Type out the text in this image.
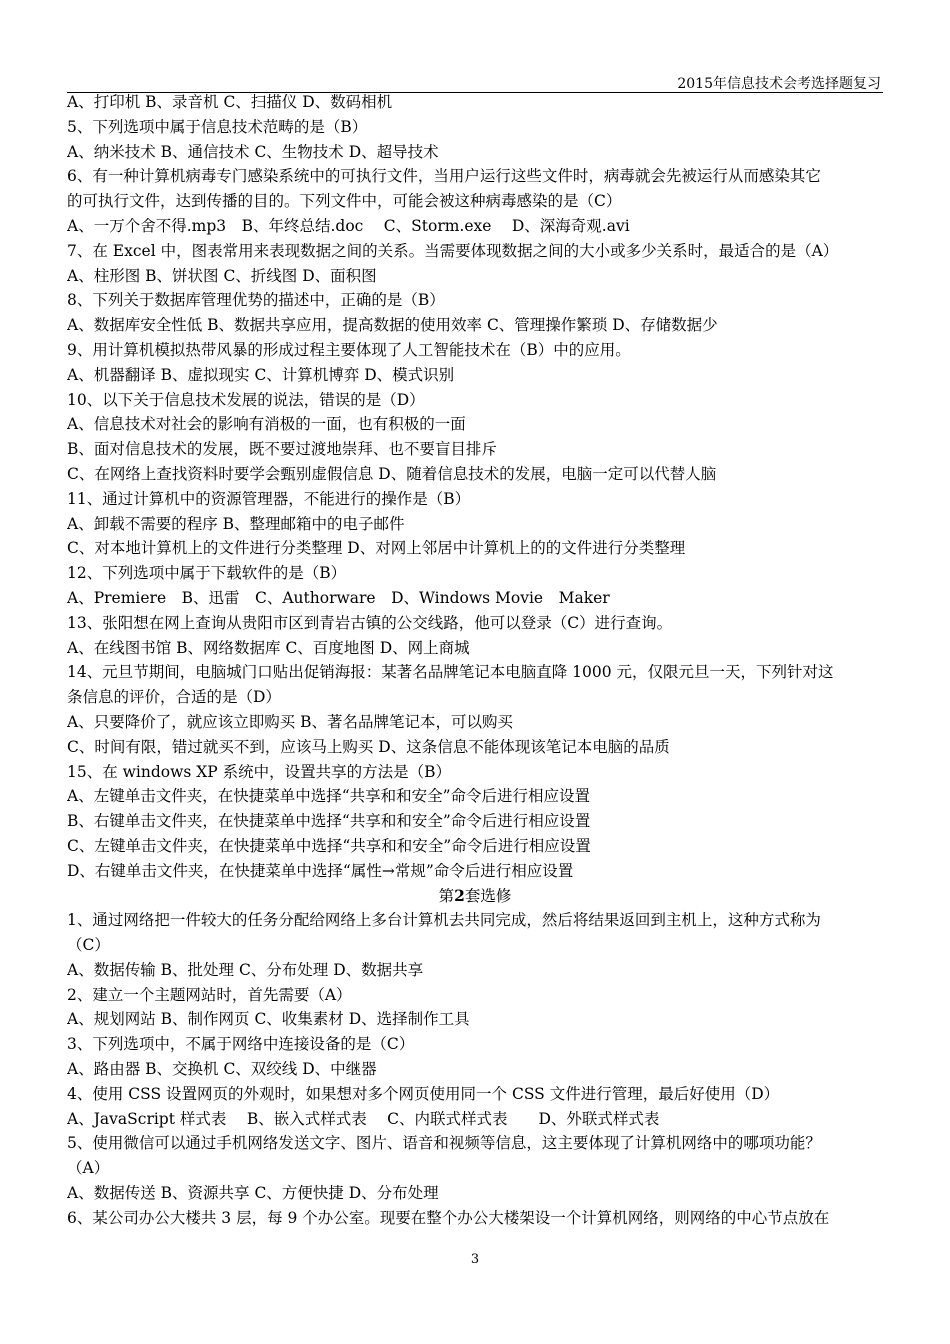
2015年信息技术会考选择题复习
A、打印机 B、录音机 C、扫描仪 D、数码相机
5、下列选项中属于信息技术范畴的是（B）
A、纳米技术 B、通信技术 C、生物技术 D、超导技术
6、有一种计算机病毒专门感染系统中的可执行文件，当用户运行这些文件时，病毒就会先被运行从而感染其它
的可执行文件，达到传播的目的。下列文件中，可能会被这种病毒感染的是（C）
A、一万个舍不得.mp3　B、年终总结.doc　 C、Storm.exe　 D、深海奇观.avi
7、在 Excel 中，图表常用来表现数据之间的关系。当需要体现数据之间的大小或多少关系时，最适合的是（A）
A、柱形图 B、饼状图 C、折线图 D、面积图
8、下列关于数据库管理优势的描述中，正确的是（B）
A、数据库安全性低 B、数据共享应用，提高数据的使用效率 C、管理操作繁琐 D、存储数据少
9、用计算机模拟热带风暴的形成过程主要体现了人工智能技术在（B）中的应用。
A、机器翻译 B、虚拟现实 C、计算机博弈 D、模式识别
10、以下关于信息技术发展的说法，错误的是（D）
A、信息技术对社会的影响有消极的一面，也有积极的一面
B、面对信息技术的发展，既不要过渡地崇拜、也不要盲目排斥
C、在网络上查找资料时要学会甄别虚假信息 D、随着信息技术的发展，电脑一定可以代替人脑
11、通过计算机中的资源管理器，不能进行的操作是（B）
A、卸载不需要的程序 B、整理邮箱中的电子邮件
C、对本地计算机上的文件进行分类整理 D、对网上邻居中计算机上的的文件进行分类整理
12、下列选项中属于下载软件的是（B）
A、Premiere　B、迅雷　C、Authorware　D、Windows Movie　Maker
13、张阳想在网上查询从贵阳市区到青岩古镇的公交线路，他可以登录（C）进行查询。
A、在线图书馆 B、网络数据库 C、百度地图 D、网上商城
14、元旦节期间，电脑城门口贴出促销海报：某著名品牌笔记本电脑直降 1000 元，仅限元旦一天，下列针对这
条信息的评价，合适的是（D）
A、只要降价了，就应该立即购买 B、著名品牌笔记本，可以购买
C、时间有限，错过就买不到，应该马上购买 D、这条信息不能体现该笔记本电脑的品质
15、在 windows XP 系统中，设置共享的方法是（B）
A、左键单击文件夹，在快捷菜单中选择“共享和和安全”命令后进行相应设置
B、右键单击文件夹，在快捷菜单中选择“共享和和安全”命令后进行相应设置
C、左键单击文件夹，在快捷菜单中选择“共享和和安全”命令后进行相应设置
D、右键单击文件夹，在快捷菜单中选择“属性→常规”命令后进行相应设置
第2套选修
1、通过网络把一件较大的任务分配给网络上多台计算机去共同完成，然后将结果返回到主机上，这种方式称为
（C）
A、数据传输 B、批处理 C、分布处理 D、数据共享
2、建立一个主题网站时，首先需要（A）
A、规划网站 B、制作网页 C、收集素材 D、选择制作工具
3、下列选项中，不属于网络中连接设备的是（C）
A、路由器 B、交换机 C、双绞线 D、中继器
4、使用 CSS 设置网页的外观时，如果想对多个网页使用同一个 CSS 文件进行管理，最后好使用（D）
A、JavaScript 样式表　 B、嵌入式样式表　 C、内联式样式表　　D、外联式样式表
5、使用微信可以通过手机网络发送文字、图片、语音和视频等信息，这主要体现了计算机网络中的哪项功能？
（A）
A、数据传送 B、资源共享 C、方便快捷 D、分布处理
6、某公司办公大楼共 3 层，每 9 个办公室。现要在整个办公大楼架设一个计算机网络，则网络的中心节点放在
3
